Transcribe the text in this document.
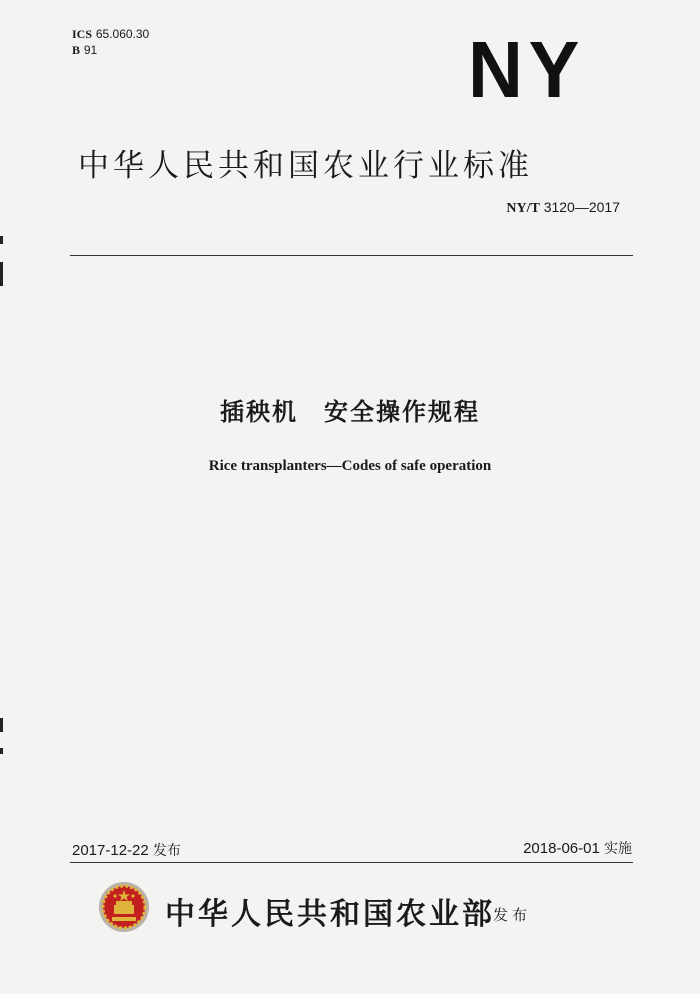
ICS 65.060.30
B 91	NY
中华人民共和国农业行业标准
NY/T 3120—2017
插秧机　安全操作规程
Rice transplanters—Codes of safe operation
2017-12-22 发布	2018-06-01 实施
中华人民共和国农业部
发布
